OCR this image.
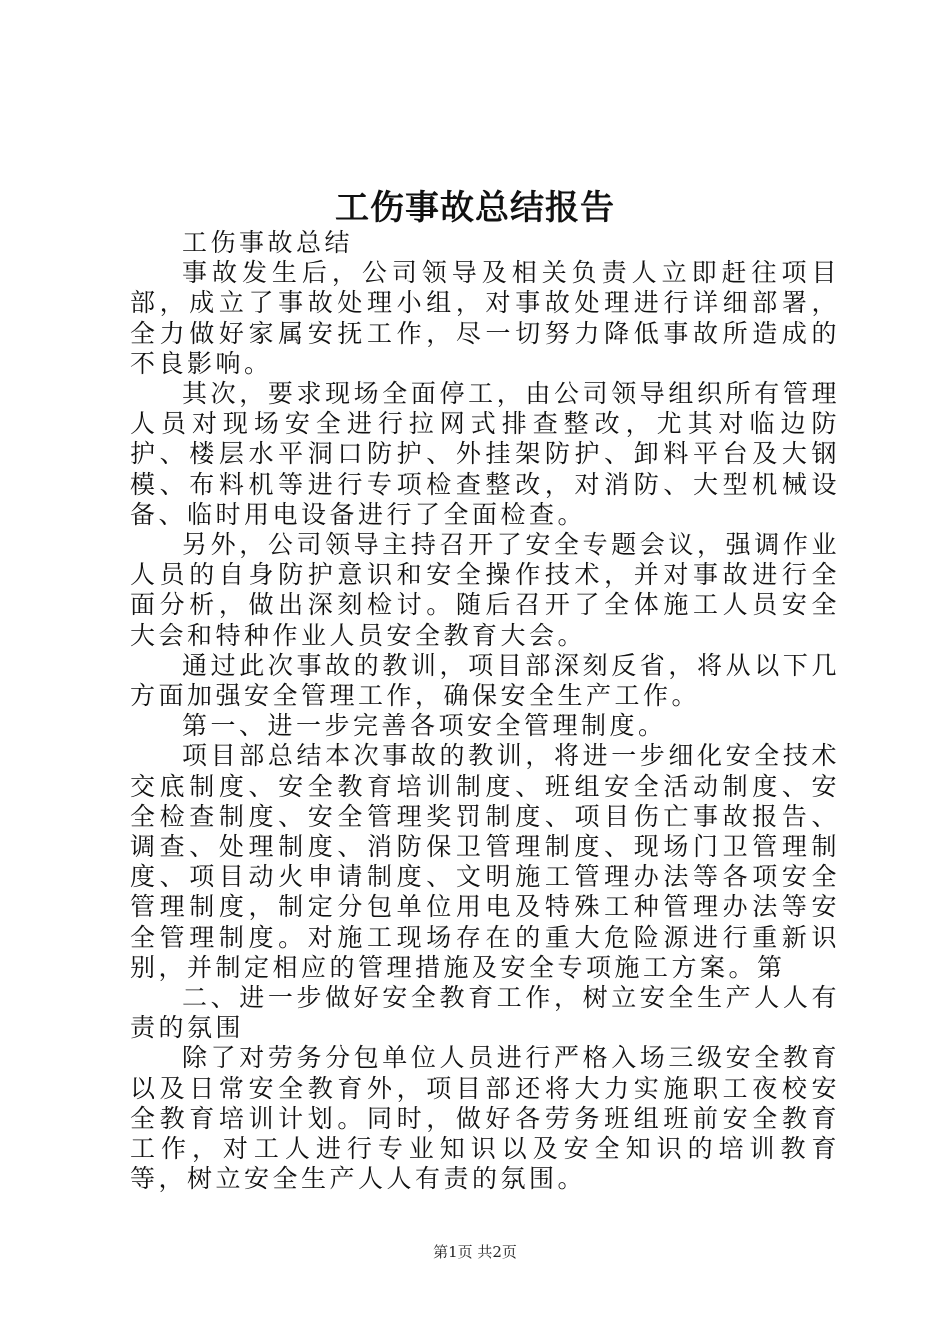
工伤事故总结报告

工伤事故总结

事故发生后，公司领导及相关负责人立即赶往项目部，成立了事故处理小组，对事故处理进行详细部署，全力做好家属安抚工作，尽一切努力降低事故所造成的不良影响。

其次，要求现场全面停工，由公司领导组织所有管理人员对现场安全进行拉网式排查整改，尤其对临边防护、楼层水平洞口防护、外挂架防护、卸料平台及大钢模、布料机等进行专项检查整改，对消防、大型机械设备、临时用电设备进行了全面检查。

另外，公司领导主持召开了安全专题会议，强调作业人员的自身防护意识和安全操作技术，并对事故进行全面分析，做出深刻检讨。随后召开了全体施工人员安全大会和特种作业人员安全教育大会。

通过此次事故的教训，项目部深刻反省，将从以下几方面加强安全管理工作，确保安全生产工作。

第一、进一步完善各项安全管理制度。

项目部总结本次事故的教训，将进一步细化安全技术交底制度、安全教育培训制度、班组安全活动制度、安全检查制度、安全管理奖罚制度、项目伤亡事故报告、调查、处理制度、消防保卫管理制度、现场门卫管理制度、项目动火申请制度、文明施工管理办法等各项安全管理制度，制定分包单位用电及特殊工种管理办法等安全管理制度。对施工现场存在的重大危险源进行重新识别，并制定相应的管理措施及安全专项施工方案。第

二、进一步做好安全教育工作，树立安全生产人人有责的氛围

除了对劳务分包单位人员进行严格入场三级安全教育以及日常安全教育外，项目部还将大力实施职工夜校安全教育培训计划。同时，做好各劳务班组班前安全教育工作，对工人进行专业知识以及安全知识的培训教育等，树立安全生产人人有责的氛围。

第1页 共2页
